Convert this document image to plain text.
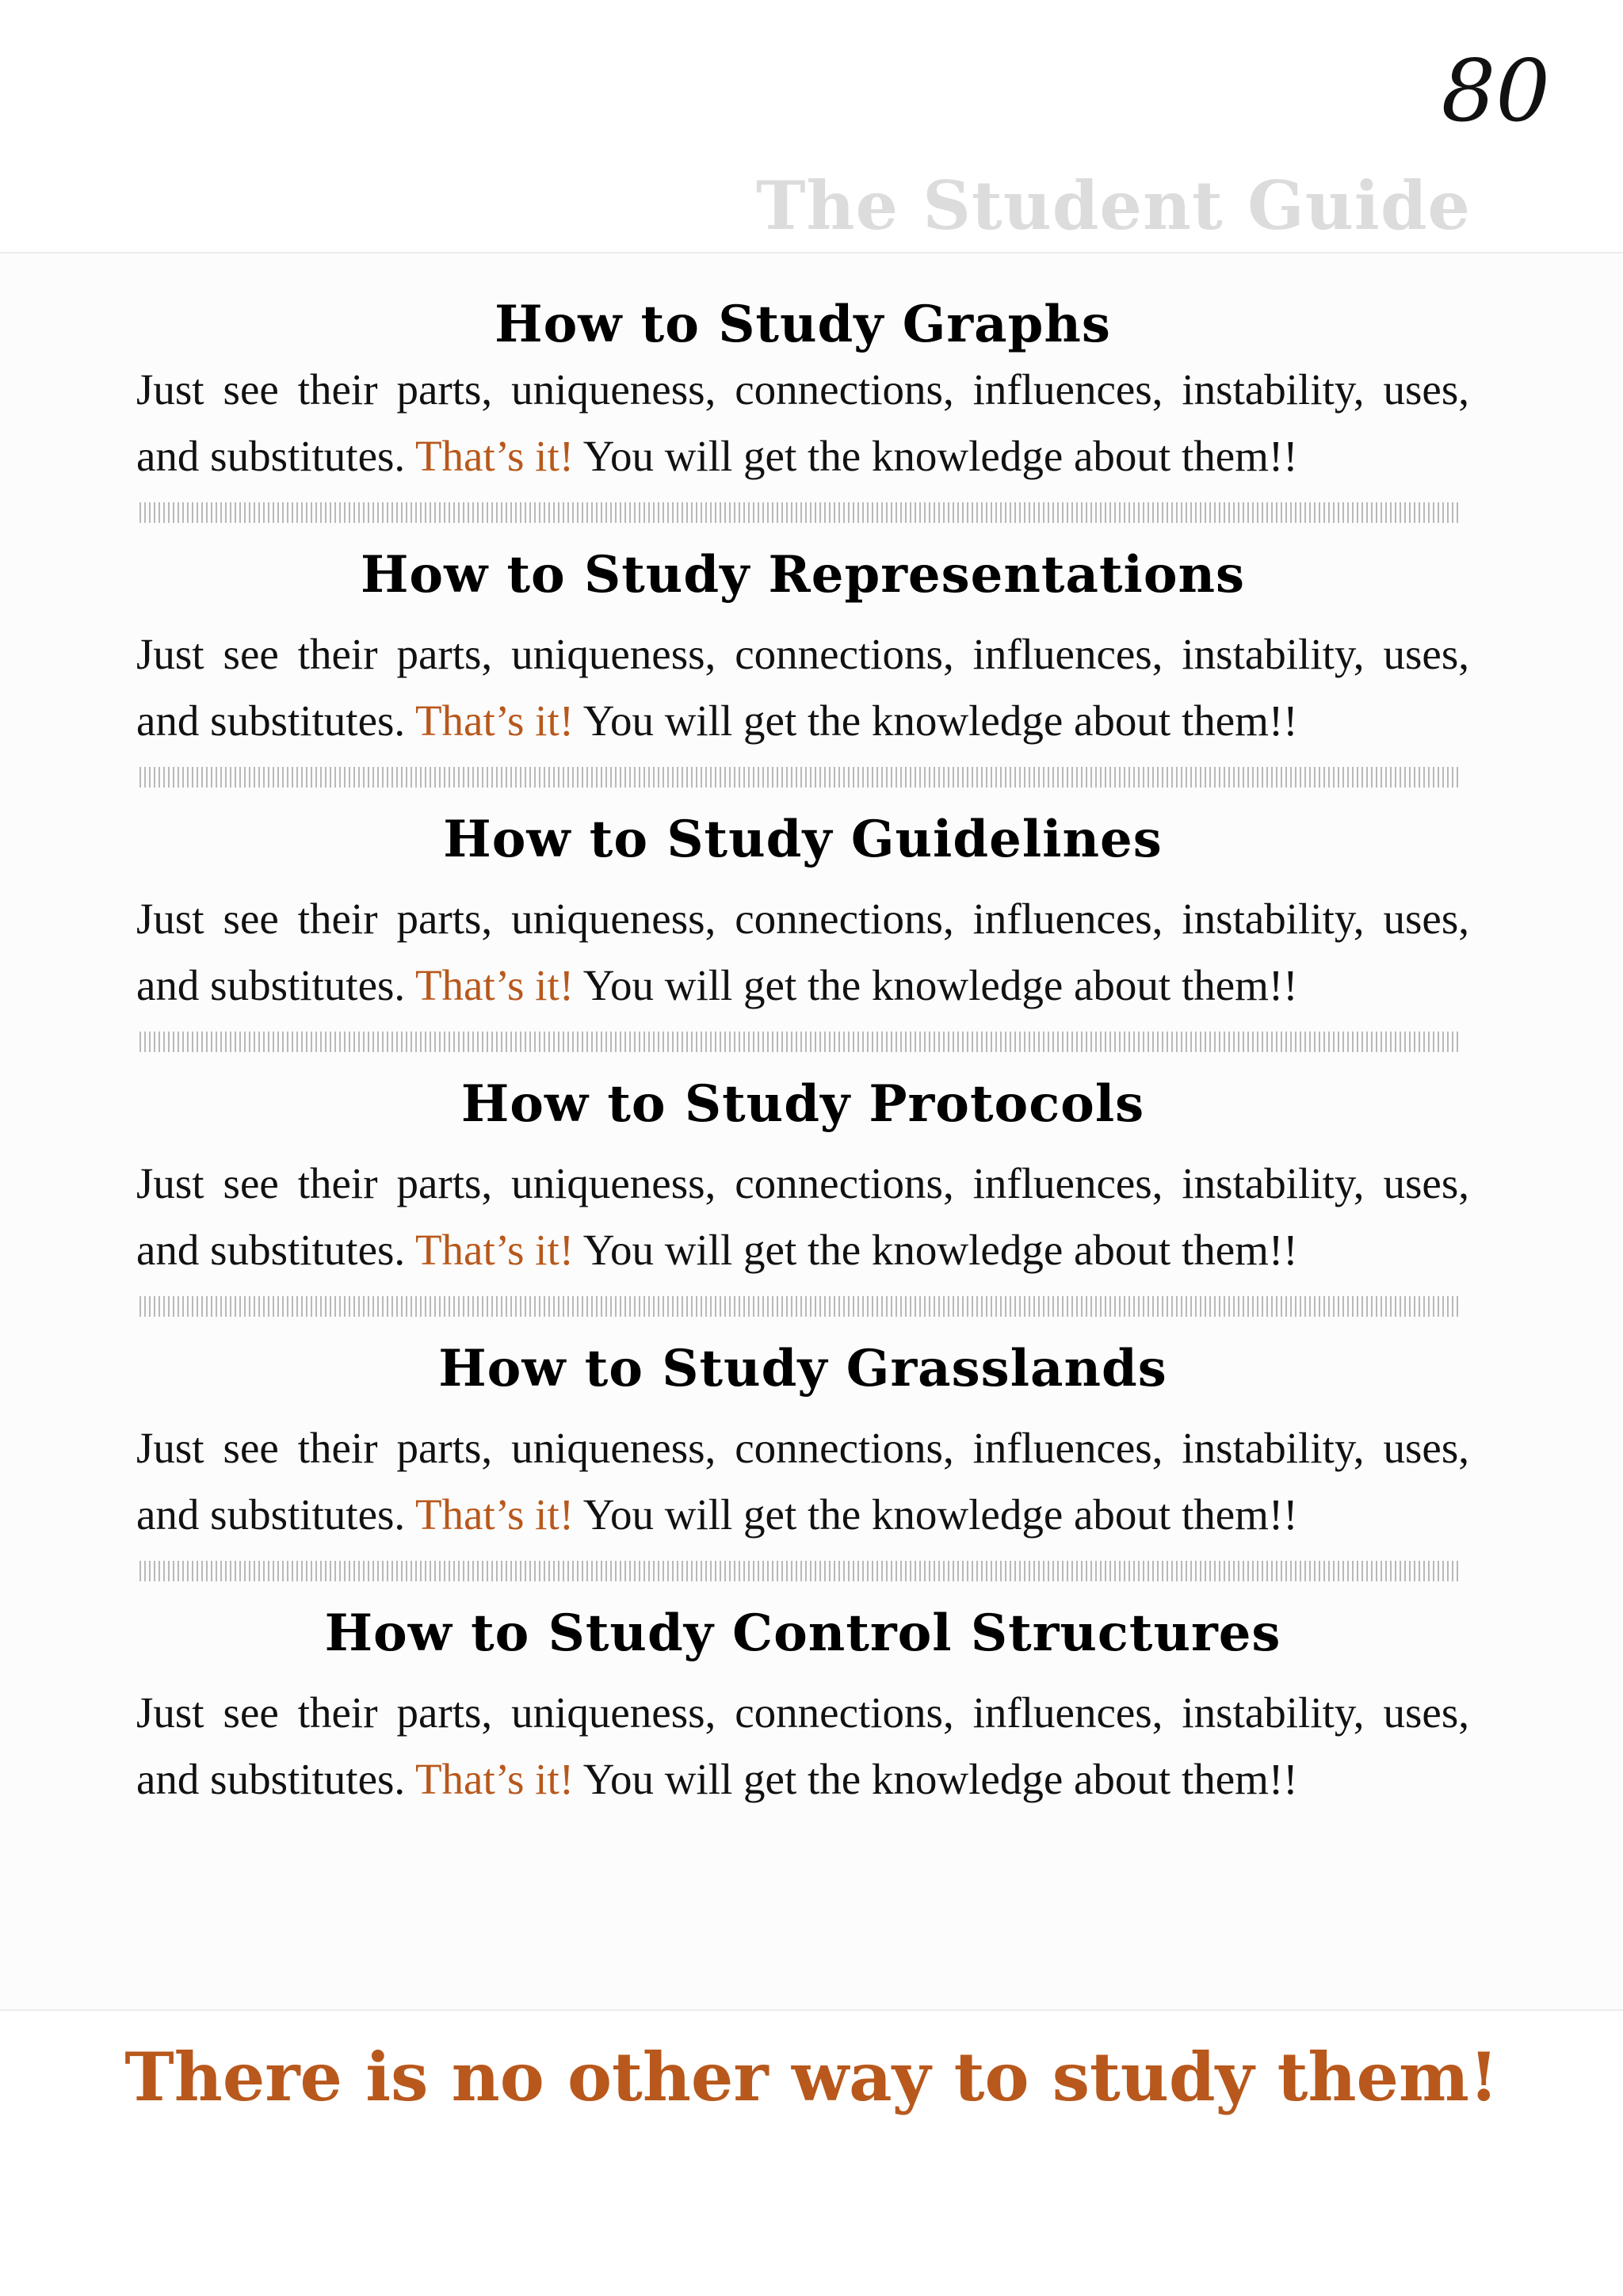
80
The Student Guide
How to Study Graphs
Just see their parts, uniqueness, connections, influences, instability, uses, and substitutes. That’s it! You will get the knowledge about them!!
How to Study Representations
Just see their parts, uniqueness, connections, influences, instability, uses, and substitutes. That’s it! You will get the knowledge about them!!
How to Study Guidelines
Just see their parts, uniqueness, connections, influences, instability, uses, and substitutes. That’s it! You will get the knowledge about them!!
How to Study Protocols
Just see their parts, uniqueness, connections, influences, instability, uses, and substitutes. That’s it! You will get the knowledge about them!!
How to Study Grasslands
Just see their parts, uniqueness, connections, influences, instability, uses, and substitutes. That’s it! You will get the knowledge about them!!
How to Study Control Structures
Just see their parts, uniqueness, connections, influences, instability, uses, and substitutes. That’s it! You will get the knowledge about them!!
There is no other way to study them!
